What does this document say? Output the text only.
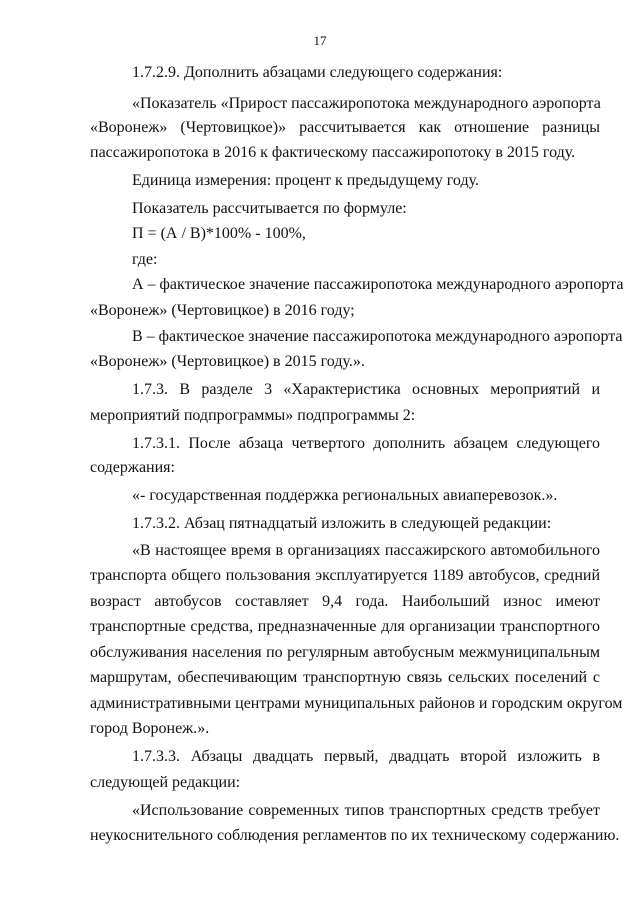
17
1.7.2.9. Дополнить абзацами следующего содержания:
«Показатель «Прирост пассажиропотока международного аэропорта
«Воронеж» (Чертовицкое)» рассчитывается как отношение разницы
пассажиропотока в 2016 к фактическому пассажиропотоку в 2015 году.
Единица измерения: процент к предыдущему году.
Показатель рассчитывается по формуле:
П = (А / В)*100% - 100%,
где:
А – фактическое значение пассажиропотока международного аэропорта
«Воронеж» (Чертовицкое) в 2016 году;
В – фактическое значение пассажиропотока международного аэропорта
«Воронеж» (Чертовицкое) в 2015 году.».
1.7.3. В разделе 3 «Характеристика основных мероприятий и
мероприятий подпрограммы» подпрограммы 2:
1.7.3.1. После абзаца четвертого дополнить абзацем следующего
содержания:
«- государственная поддержка региональных авиаперевозок.».
1.7.3.2. Абзац пятнадцатый изложить в следующей редакции:
«В настоящее время в организациях пассажирского автомобильного
транспорта общего пользования эксплуатируется 1189 автобусов, средний
возраст автобусов составляет 9,4 года. Наибольший износ имеют
транспортные средства, предназначенные для организации транспортного
обслуживания населения по регулярным автобусным межмуниципальным
маршрутам, обеспечивающим транспортную связь сельских поселений с
административными центрами муниципальных районов и городским округом
город Воронеж.».
1.7.3.3. Абзацы двадцать первый, двадцать второй изложить в
следующей редакции:
«Использование современных типов транспортных средств требует
неукоснительного соблюдения регламентов по их техническому содержанию.
